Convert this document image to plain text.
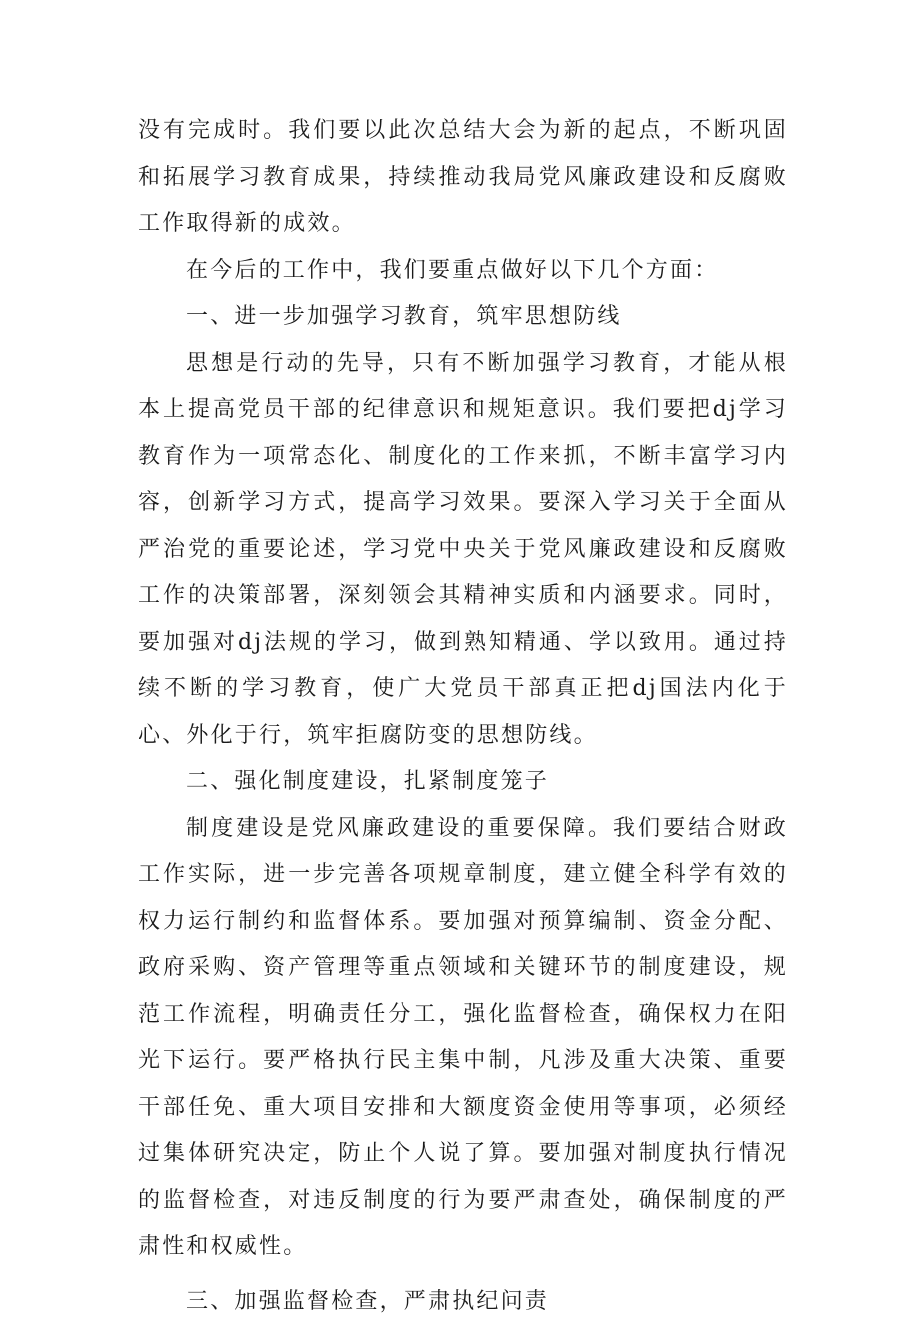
没有完成时。我们要以此次总结大会为新的起点，不断巩固和拓展学习教育成果，持续推动我局党风廉政建设和反腐败工作取得新的成效。

在今后的工作中，我们要重点做好以下几个方面：

一、进一步加强学习教育，筑牢思想防线

思想是行动的先导，只有不断加强学习教育，才能从根本上提高党员干部的纪律意识和规矩意识。我们要把dj学习教育作为一项常态化、制度化的工作来抓，不断丰富学习内容，创新学习方式，提高学习效果。要深入学习关于全面从严治党的重要论述，学习党中央关于党风廉政建设和反腐败工作的决策部署，深刻领会其精神实质和内涵要求。同时，要加强对dj法规的学习，做到熟知精通、学以致用。通过持续不断的学习教育，使广大党员干部真正把dj国法内化于心、外化于行，筑牢拒腐防变的思想防线。

二、强化制度建设，扎紧制度笼子

制度建设是党风廉政建设的重要保障。我们要结合财政工作实际，进一步完善各项规章制度，建立健全科学有效的权力运行制约和监督体系。要加强对预算编制、资金分配、政府采购、资产管理等重点领域和关键环节的制度建设，规范工作流程，明确责任分工，强化监督检查，确保权力在阳光下运行。要严格执行民主集中制，凡涉及重大决策、重要干部任免、重大项目安排和大额度资金使用等事项，必须经过集体研究决定，防止个人说了算。要加强对制度执行情况的监督检查，对违反制度的行为要严肃查处，确保制度的严肃性和权威性。

三、加强监督检查，严肃执纪问责
